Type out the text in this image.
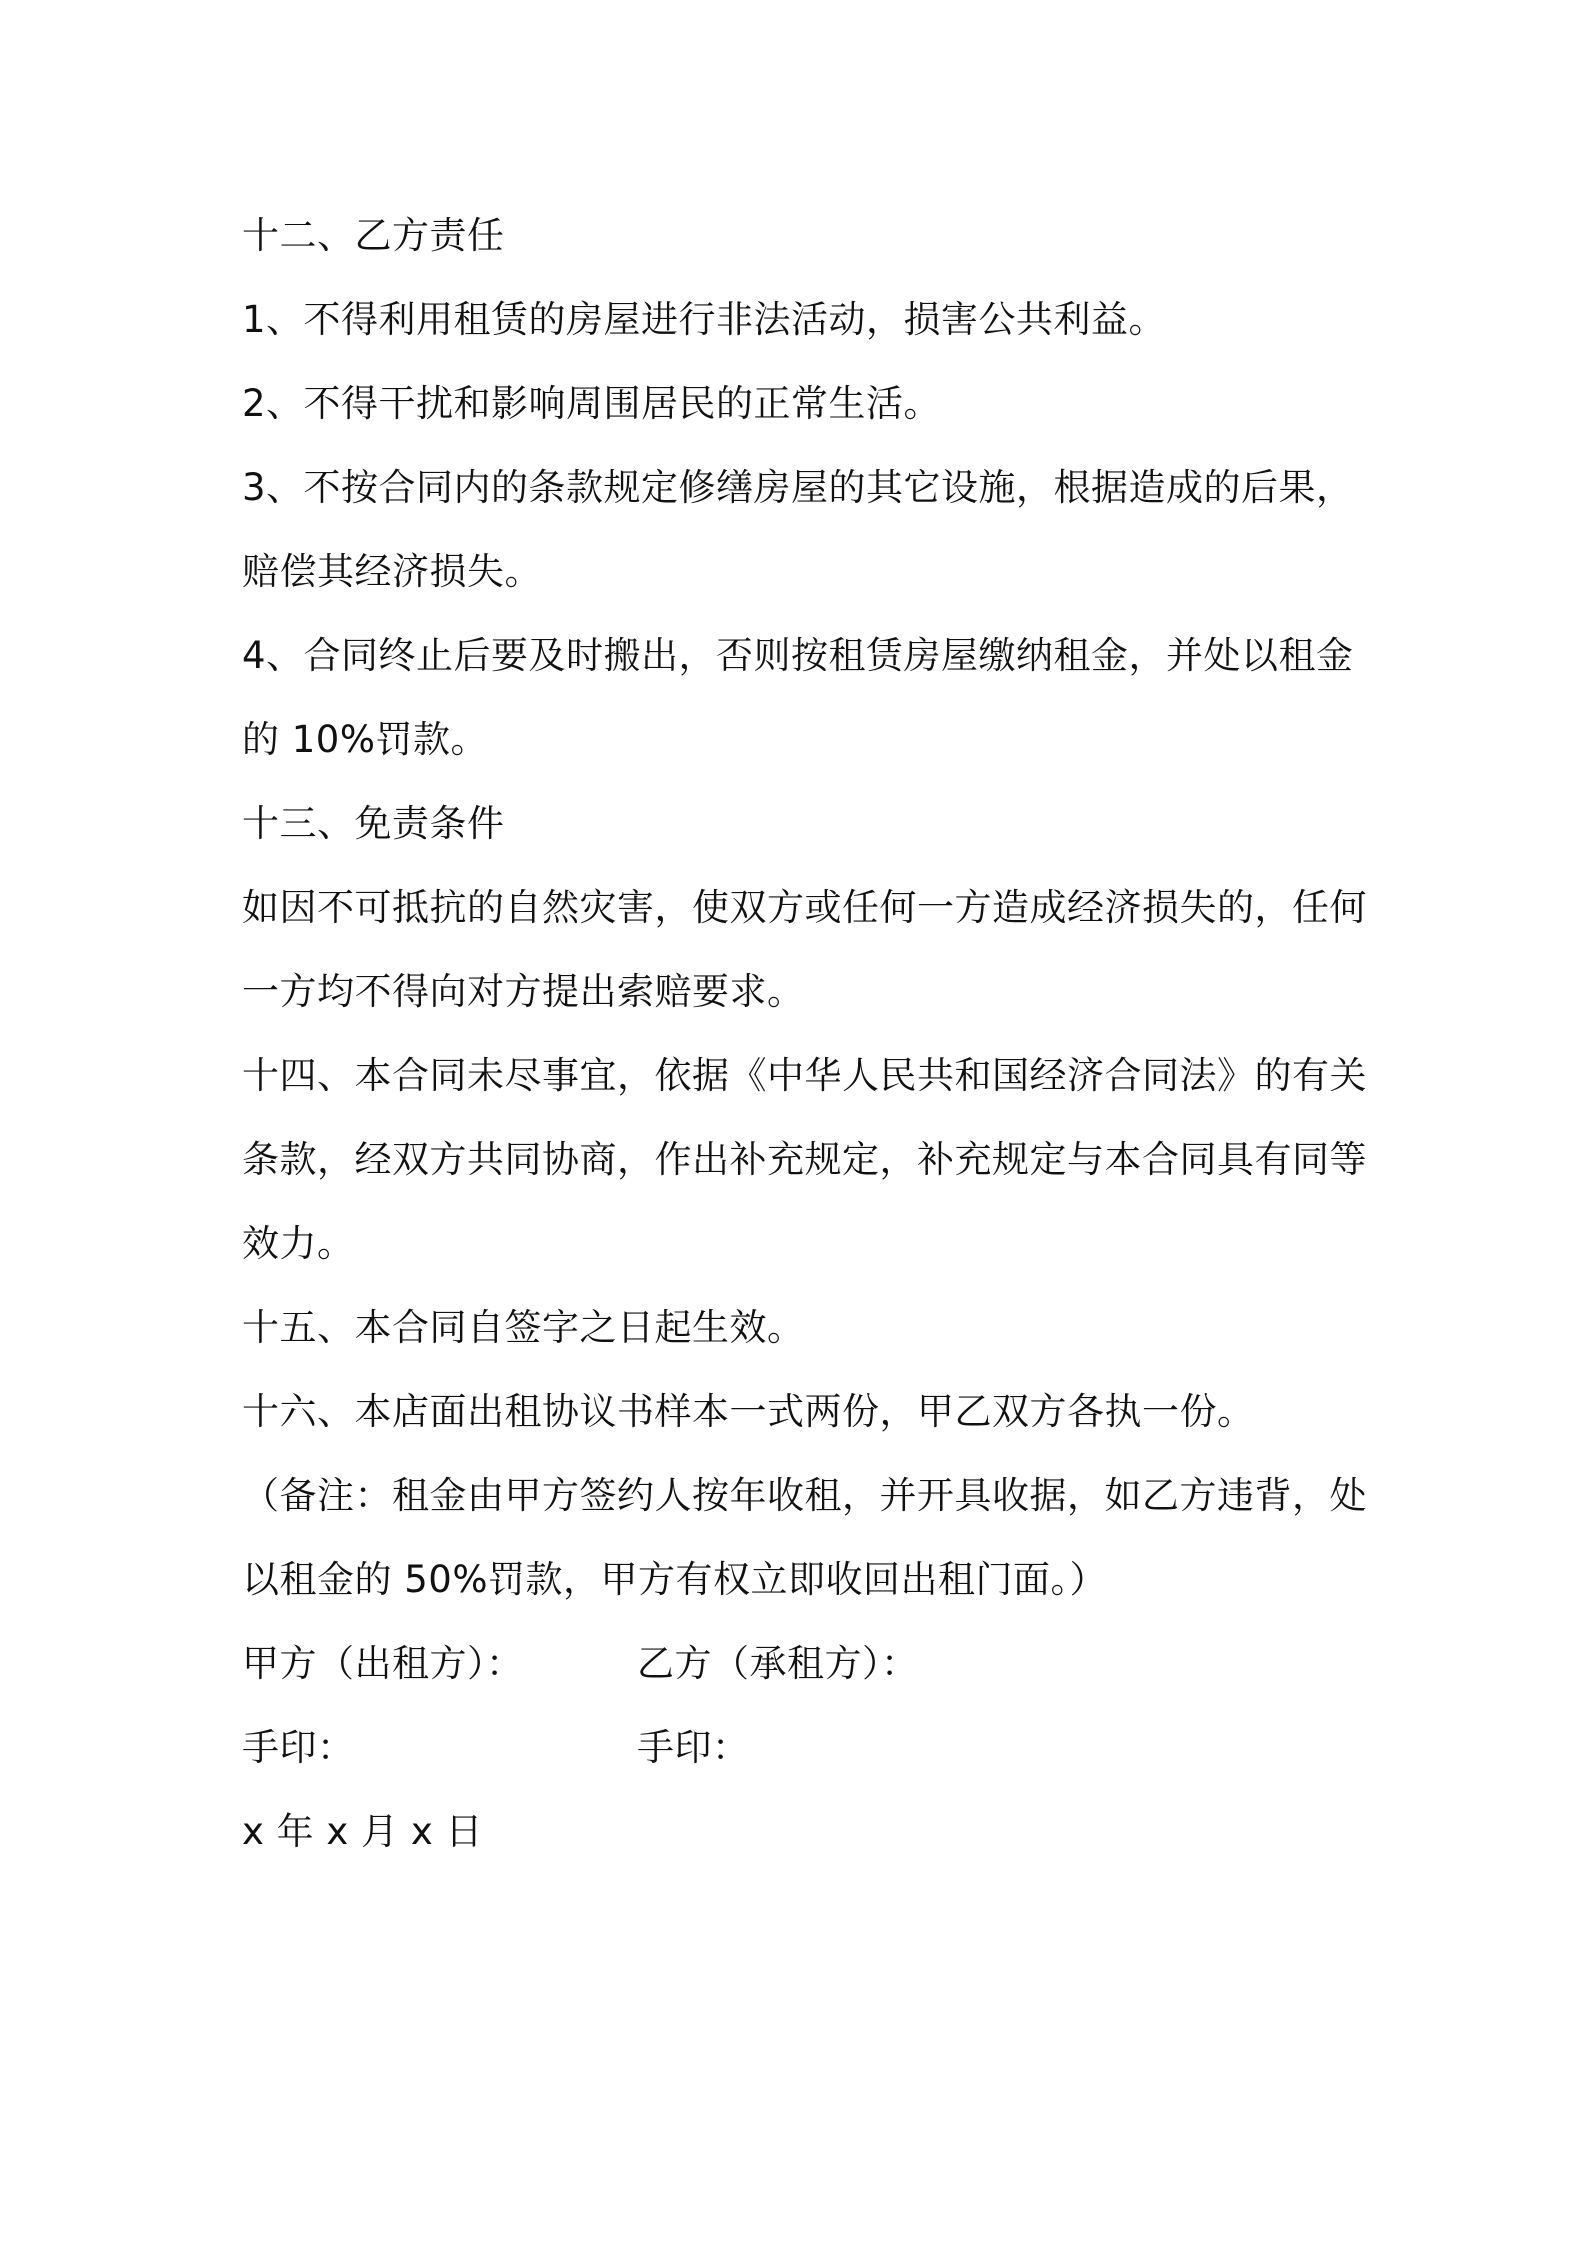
十二、乙方责任
1、不得利用租赁的房屋进行非法活动，损害公共利益。
2、不得干扰和影响周围居民的正常生活。
3、不按合同内的条款规定修缮房屋的其它设施，根据造成的后果，
赔偿其经济损失。
4、合同终止后要及时搬出，否则按租赁房屋缴纳租金，并处以租金
的 10%罚款。
十三、免责条件
如因不可抵抗的自然灾害，使双方或任何一方造成经济损失的，任何
一方均不得向对方提出索赔要求。
十四、本合同未尽事宜，依据《中华人民共和国经济合同法》的有关
条款，经双方共同协商，作出补充规定，补充规定与本合同具有同等
效力。
十五、本合同自签字之日起生效。
十六、本店面出租协议书样本一式两份，甲乙双方各执一份。
（备注：租金由甲方签约人按年收租，并开具收据，如乙方违背，处
以租金的 50%罚款，甲方有权立即收回出租门面。）
甲方（出租方）：	乙方（承租方）：
手印：	手印：
x 年 x 月 x 日
